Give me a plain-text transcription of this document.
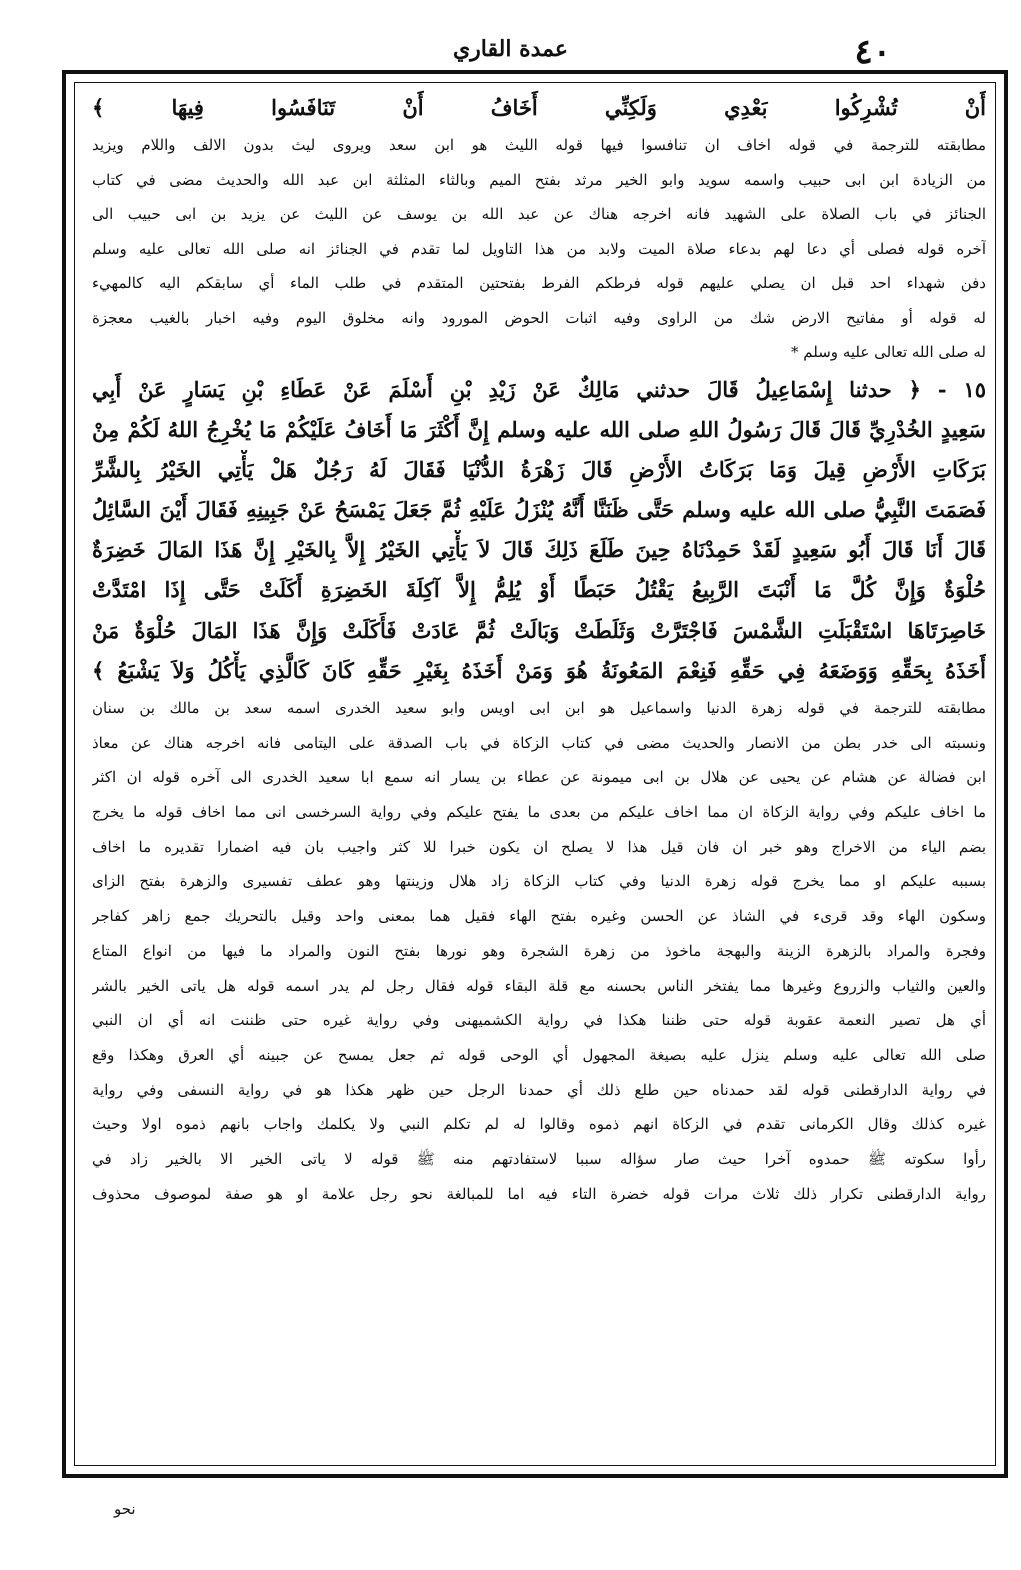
٤٠
عمدة القاري
أَنْ تُشْرِكُوا بَعْدِي وَلَكِنِّي أَخَافُ أَنْ تَنَافَسُوا فِيهَا ﴾
مطابقته للترجمة في قوله اخاف ان تنافسوا فيها قوله الليث هو ابن سعد ويروى ليث بدون الالف واللام ويزيد
من الزيادة ابن ابى حبيب واسمه سويد وابو الخير مرثد بفتح الميم وبالثاء المثلثة ابن عبد الله والحديث مضى في كتاب
الجنائز في باب الصلاة على الشهيد فانه اخرجه هناك عن عبد الله بن يوسف عن الليث عن يزيد بن ابى حبيب الى
آخره قوله فصلى أي دعا لهم بدعاء صلاة الميت ولابد من هذا التاويل لما تقدم في الجنائز انه صلى الله تعالى عليه وسلم
دفن شهداء احد قبل ان يصلي عليهم قوله فرطكم الفرط بفتحتين المتقدم في طلب الماء أي سابقكم اليه كالمهيء
له قوله أو مفاتيح الارض شك من الراوى وفيه اثبات الحوض المورود وانه مخلوق اليوم وفيه اخبار بالغيب معجزة
له صلى الله تعالى عليه وسلم *
١٥ - ﴿ حدثنا إِسْمَاعِيلُ قَالَ حدثني مَالِكٌ عَنْ زَيْدِ بْنِ أَسْلَمَ عَنْ عَطَاءِ بْنِ يَسَارٍ عَنْ أَبِي
سَعِيدٍ الخُدْرِيِّ قَالَ قَالَ رَسُولُ اللهِ صلى الله عليه وسلم إِنَّ أَكْثَرَ مَا أَخَافُ عَلَيْكُمْ مَا يُخْرِجُ اللهُ لَكُمْ مِنْ
بَرَكَاتِ الأَرْضِ قِيلَ وَمَا بَرَكَاتُ الأَرْضِ قَالَ زَهْرَةُ الدُّنْيَا فَقَالَ لَهُ رَجُلٌ هَلْ يَأْتِي الخَيْرُ بِالشَّرِّ
فَصَمَتَ النَّبِيُّ صلى الله عليه وسلم حَتَّى ظَنَنَّا أَنَّهُ يُنْزَلُ عَلَيْهِ ثُمَّ جَعَلَ يَمْسَحُ عَنْ جَبِينِهِ فَقَالَ أَيْنَ السَّائِلُ
قَالَ أَنَا قَالَ أَبُو سَعِيدٍ لَقَدْ حَمِدْنَاهُ حِينَ طَلَعَ ذَلِكَ قَالَ لاَ يَأْتِي الخَيْرُ إِلاَّ بِالخَيْرِ إِنَّ هَذَا المَالَ خَضِرَةٌ
حُلْوَةٌ وَإِنَّ كُلَّ مَا أَنْبَتَ الرَّبِيعُ يَقْتُلُ حَبَطًا أَوْ يُلِمُّ إِلاَّ آكِلَةَ الخَضِرَةِ أَكَلَتْ حَتَّى إِذَا امْتَدَّتْ
خَاصِرَتَاهَا اسْتَقْبَلَتِ الشَّمْسَ فَاجْتَرَّتْ وَثَلَطَتْ وَبَالَتْ ثُمَّ عَادَتْ فَأَكَلَتْ وَإِنَّ هَذَا المَالَ حُلْوَةٌ مَنْ
أَخَذَهُ بِحَقِّهِ وَوَضَعَهُ فِي حَقِّهِ فَنِعْمَ المَعُونَةُ هُوَ وَمَنْ أَخَذَهُ بِغَيْرِ حَقِّهِ كَانَ كَالَّذِي يَأْكُلُ وَلاَ يَشْبَعُ ﴾
مطابقته للترجمة في قوله زهرة الدنيا واسماعيل هو ابن ابى اويس وابو سعيد الخدرى اسمه سعد بن مالك بن سنان
ونسبته الى خدر بطن من الانصار والحديث مضى في كتاب الزكاة في باب الصدقة على اليتامى فانه اخرجه هناك عن معاذ
ابن فضالة عن هشام عن يحيى عن هلال بن ابى ميمونة عن عطاء بن يسار انه سمع ابا سعيد الخدرى الى آخره قوله ان اكثر
ما اخاف عليكم وفي رواية الزكاة ان مما اخاف عليكم من بعدى ما يفتح عليكم وفي رواية السرخسى انى مما اخاف قوله ما يخرج
بضم الياء من الاخراج وهو خبر ان فان قيل هذا لا يصلح ان يكون خبرا للا كثر واجيب بان فيه اضمارا تقديره ما اخاف
بسببه عليكم او مما يخرج قوله زهرة الدنيا وفي كتاب الزكاة زاد هلال وزينتها وهو عطف تفسيرى والزهرة بفتح الزاى
وسكون الهاء وقد قرىء في الشاذ عن الحسن وغيره بفتح الهاء فقيل هما بمعنى واحد وقيل بالتحريك جمع زاهر كفاجر
وفجرة والمراد بالزهرة الزينة والبهجة ماخوذ من زهرة الشجرة وهو نورها بفتح النون والمراد ما فيها من انواع المتاع
والعين والثياب والزروع وغيرها مما يفتخر الناس بحسنه مع قلة البقاء قوله فقال رجل لم يدر اسمه قوله هل ياتى الخير بالشر
أي هل تصير النعمة عقوبة قوله حتى ظننا هكذا في رواية الكشميهنى وفي رواية غيره حتى ظننت انه أي ان النبي
صلى الله تعالى عليه وسلم ينزل عليه بصيغة المجهول أي الوحى قوله ثم جعل يمسح عن جبينه أي العرق وهكذا وقع
في رواية الدارقطنى قوله لقد حمدناه حين طلع ذلك أي حمدنا الرجل حين ظهر هكذا هو في رواية النسفى وفي رواية
غيره كذلك وقال الكرمانى تقدم في الزكاة انهم ذموه وقالوا له لم تكلم النبي ولا يكلمك واجاب بانهم ذموه اولا وحيث
رأوا سكوته ﷺ حمدوه آخرا حيث صار سؤاله سببا لاستفادتهم منه ﷺ قوله لا ياتى الخير الا بالخير زاد في
رواية الدارقطنى تكرار ذلك ثلاث مرات قوله خضرة التاء فيه اما للمبالغة نحو رجل علامة او هو صفة لموصوف محذوف
نحو
